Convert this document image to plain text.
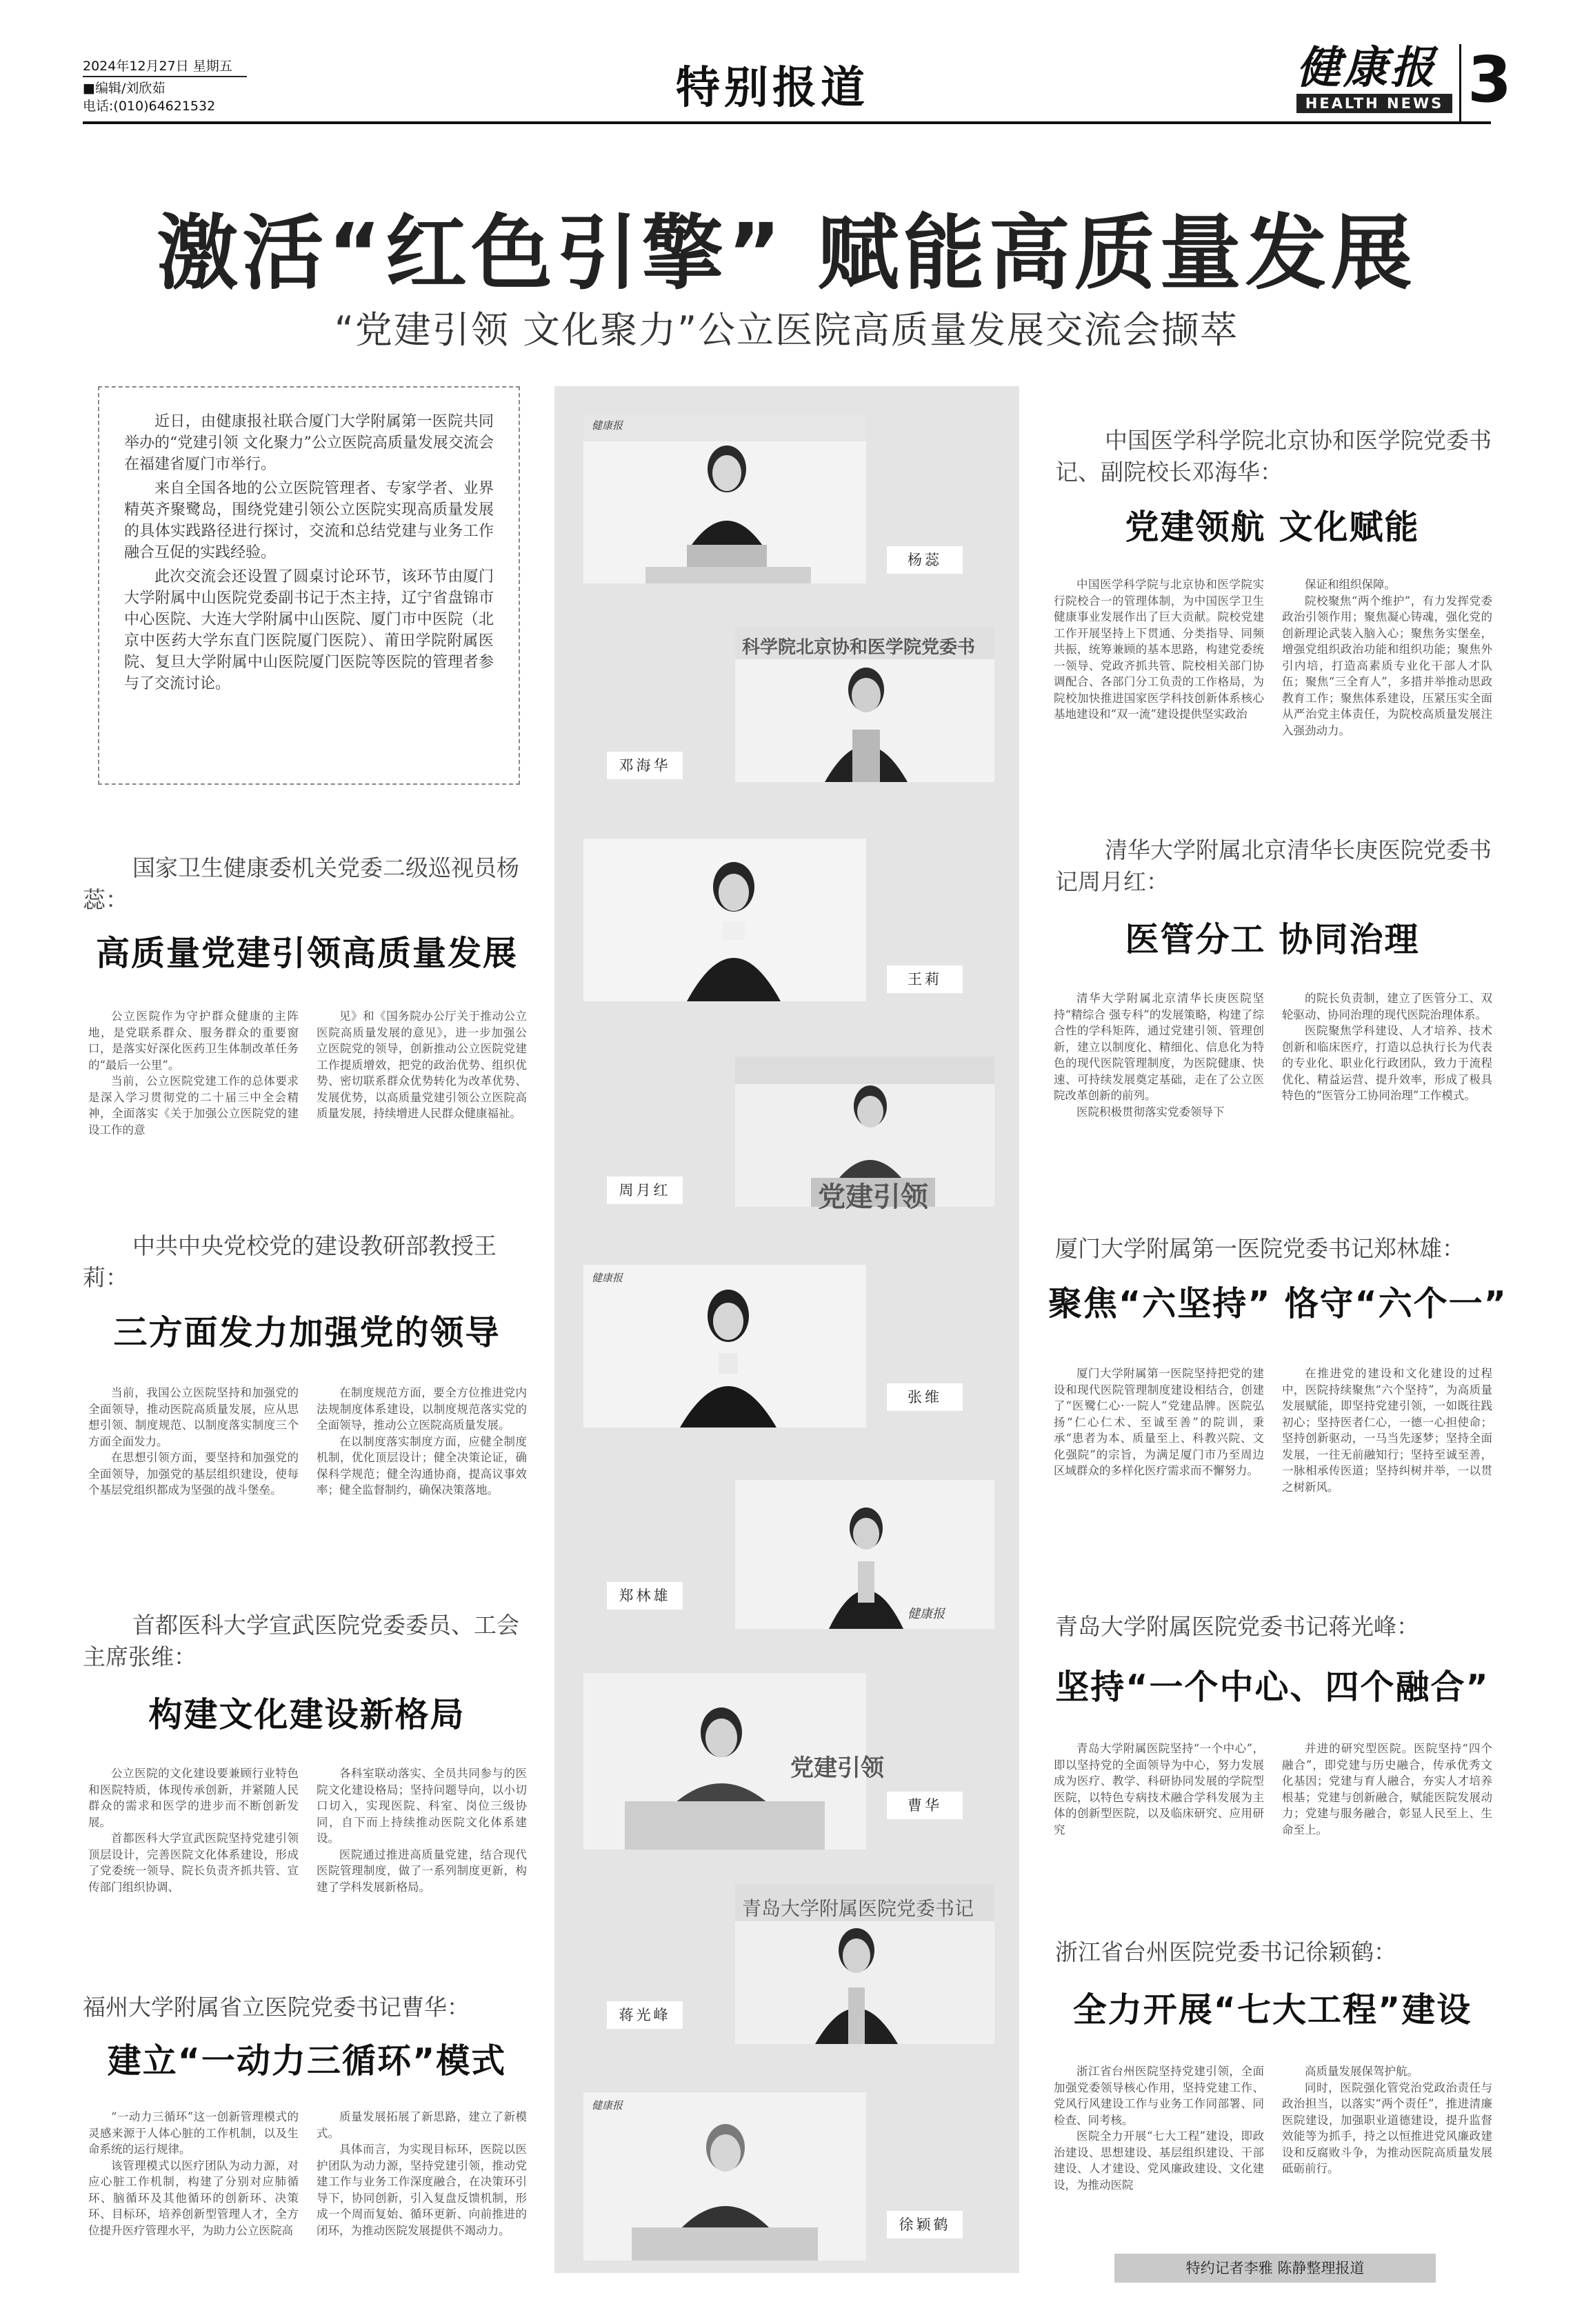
2024年12月27日 星期五
■编辑/刘欣茹
电话:(010)64621532	特别报道	健康报
HEALTH NEWS 3
激活“红色引擎” 赋能高质量发展
“党建引领 文化聚力”公立医院高质量发展交流会撷萃

近日，由健康报社联合厦门大学附属第一医院共同举办的“党建引领 文化聚力”公立医院高质量发展交流会在福建省厦门市举行。

来自全国各地的公立医院管理者、专家学者、业界精英齐聚鹭岛，围绕党建引领公立医院实现高质量发展的具体实践路径进行探讨，交流和总结党建与业务工作融合互促的实践经验。

此次交流会还设置了圆桌讨论环节，该环节由厦门大学附属中山医院党委副书记于杰主持，辽宁省盘锦市中心医院、大连大学附属中山医院、厦门市中医院（北京中医药大学东直门医院厦门医院）、莆田学院附属医院、复旦大学附属中山医院厦门医院等医院的管理者参与了交流讨论。

健康报
杨蕊
科学院北京协和医学院党委书
邓海华
王莉
党建引领
周月红
健康报
张维
健康报
郑林雄
党建引领
曹华
青岛大学附属医院党委书记
蒋光峰
健康报
徐颖鹤
国家卫生健康委机关党委二级巡视员杨蕊：
高质量党建引领高质量发展

公立医院作为守护群众健康的主阵地，是党联系群众、服务群众的重要窗口，是落实好深化医药卫生体制改革任务的“最后一公里”。

当前，公立医院党建工作的总体要求是深入学习贯彻党的二十届三中全会精神，全面落实《关于加强公立医院党的建设工作的意

见》和《国务院办公厅关于推动公立医院高质量发展的意见》，进一步加强公立医院党的领导，创新推动公立医院党建工作提质增效，把党的政治优势、组织优势、密切联系群众优势转化为改革优势、发展优势，以高质量党建引领公立医院高质量发展，持续增进人民群众健康福祉。

中共中央党校党的建设教研部教授王莉：
三方面发力加强党的领导

当前，我国公立医院坚持和加强党的全面领导，推动医院高质量发展，应从思想引领、制度规范、以制度落实制度三个方面全面发力。

在思想引领方面，要坚持和加强党的全面领导，加强党的基层组织建设，使每个基层党组织都成为坚强的战斗堡垒。

在制度规范方面，要全方位推进党内法规制度体系建设，以制度规范落实党的全面领导，推动公立医院高质量发展。

在以制度落实制度方面，应健全制度机制，优化顶层设计；健全决策论证，确保科学规范；健全沟通协商，提高议事效率；健全监督制约，确保决策落地。

首都医科大学宣武医院党委委员、工会主席张维：
构建文化建设新格局

公立医院的文化建设要兼顾行业特色和医院特质，体现传承创新，并紧随人民群众的需求和医学的进步而不断创新发展。

首都医科大学宣武医院坚持党建引领顶层设计，完善医院文化体系建设，形成了党委统一领导、院长负责齐抓共管、宣传部门组织协调、

各科室联动落实、全员共同参与的医院文化建设格局；坚持问题导向，以小切口切入，实现医院、科室、岗位三级协同，自下而上持续推动医院文化体系建设。

医院通过推进高质量党建，结合现代医院管理制度，做了一系列制度更新，构建了学科发展新格局。

福州大学附属省立医院党委书记曹华：
建立“一动力三循环”模式

“一动力三循环”这一创新管理模式的灵感来源于人体心脏的工作机制，以及生命系统的运行规律。

该管理模式以医疗团队为动力源，对应心脏工作机制，构建了分别对应肺循环、脑循环及其他循环的创新环、决策环、目标环，培养创新型管理人才，全方位提升医疗管理水平，为助力公立医院高

质量发展拓展了新思路，建立了新模式。

具体而言，为实现目标环，医院以医护团队为动力源，坚持党建引领，推动党建工作与业务工作深度融合，在决策环引导下，协同创新，引入复盘反馈机制，形成一个周而复始、循环更新、向前推进的闭环，为推动医院发展提供不竭动力。

中国医学科学院北京协和医学院党委书记、副院校长邓海华：
党建领航 文化赋能

中国医学科学院与北京协和医学院实行院校合一的管理体制，为中国医学卫生健康事业发展作出了巨大贡献。院校党建工作开展坚持上下贯通、分类指导、同频共振，统筹兼顾的基本思路，构建党委统一领导、党政齐抓共管、院校相关部门协调配合、各部门分工负责的工作格局，为院校加快推进国家医学科技创新体系核心基地建设和“双一流”建设提供坚实政治

保证和组织保障。

院校聚焦“两个维护”，有力发挥党委政治引领作用；聚焦凝心铸魂，强化党的创新理论武装入脑入心；聚焦务实堡垒，增强党组织政治功能和组织功能；聚焦外引内培，打造高素质专业化干部人才队伍；聚焦“三全育人”，多措并举推动思政教育工作；聚焦体系建设，压紧压实全面从严治党主体责任，为院校高质量发展注入强劲动力。

清华大学附属北京清华长庚医院党委书记周月红：
医管分工 协同治理

清华大学附属北京清华长庚医院坚持“精综合 强专科”的发展策略，构建了综合性的学科矩阵，通过党建引领、管理创新，建立以制度化、精细化、信息化为特色的现代医院管理制度，为医院健康、快速、可持续发展奠定基础，走在了公立医院改革创新的前列。

医院积极贯彻落实党委领导下

的院长负责制，建立了医管分工、双轮驱动、协同治理的现代医院治理体系。

医院聚焦学科建设、人才培养、技术创新和临床医疗，打造以总执行长为代表的专业化、职业化行政团队，致力于流程优化、精益运营、提升效率，形成了极具特色的“医管分工协同治理”工作模式。

厦门大学附属第一医院党委书记郑林雄：
聚焦“六坚持” 恪守“六个一”

厦门大学附属第一医院坚持把党的建设和现代医院管理制度建设相结合，创建了“医鹭仁心·一院人”党建品牌。医院弘扬“仁心仁术、至诚至善”的院训，秉承“患者为本、质量至上、科教兴院、文化强院”的宗旨，为满足厦门市乃至周边区域群众的多样化医疗需求而不懈努力。

在推进党的建设和文化建设的过程中，医院持续聚焦“六个坚持”，为高质量发展赋能，即坚持党建引领，一如既往践初心；坚持医者仁心，一德一心担使命；坚持创新驱动，一马当先逐梦；坚持全面发展，一往无前融知行；坚持至诚至善，一脉相承传医道；坚持纠树并举，一以贯之树新风。

青岛大学附属医院党委书记蒋光峰：
坚持“一个中心、四个融合”

青岛大学附属医院坚持“一个中心”，即以坚持党的全面领导为中心，努力发展成为医疗、教学、科研协同发展的学院型医院，以特色专病技术融合学科发展为主体的创新型医院，以及临床研究、应用研究

并进的研究型医院。医院坚持“四个融合”，即党建与历史融合，传承优秀文化基因；党建与育人融合，夯实人才培养根基；党建与创新融合，赋能医院发展动力；党建与服务融合，彰显人民至上、生命至上。

浙江省台州医院党委书记徐颖鹤：
全力开展“七大工程”建设

浙江省台州医院坚持党建引领，全面加强党委领导核心作用，坚持党建工作、党风行风建设工作与业务工作同部署、同检查、同考核。

医院全力开展“七大工程”建设，即政治建设、思想建设、基层组织建设、干部建设、人才建设、党风廉政建设、文化建设，为推动医院

高质量发展保驾护航。

同时，医院强化管党治党政治责任与政治担当，以落实“两个责任”，推进清廉医院建设，加强职业道德建设，提升监督效能等为抓手，持之以恒推进党风廉政建设和反腐败斗争，为推动医院高质量发展砥砺前行。

特约记者李雅 陈静整理报道
